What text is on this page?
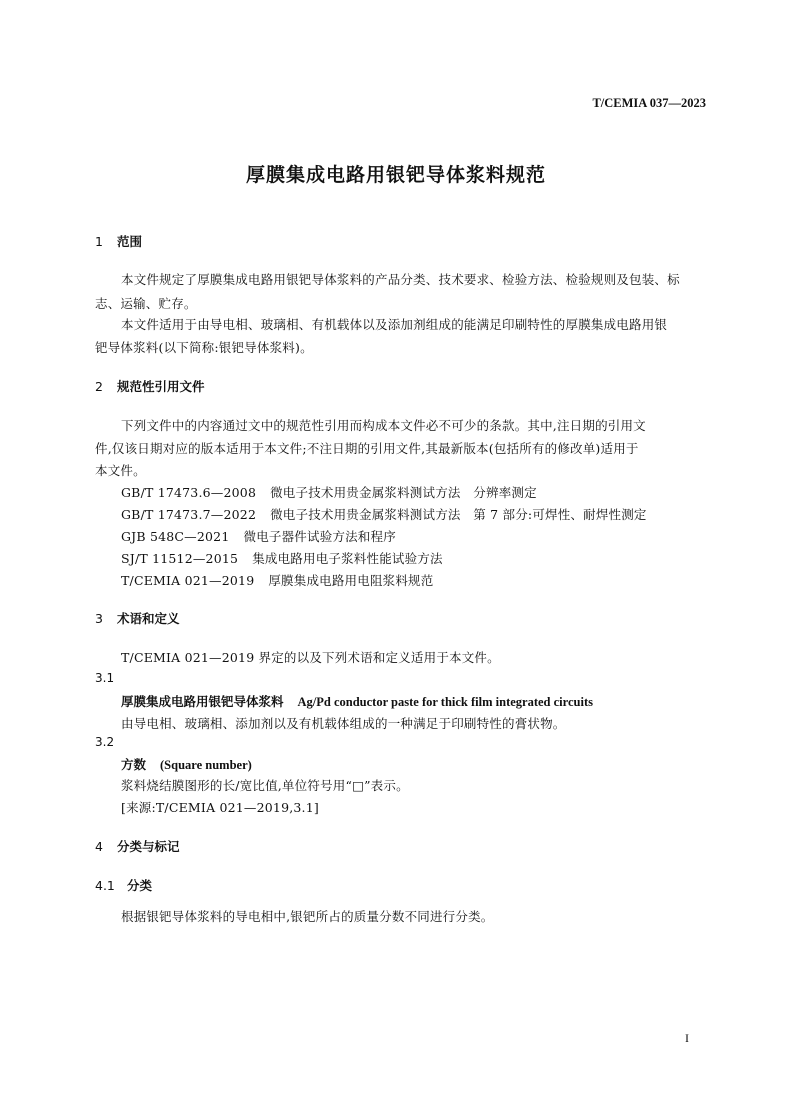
T/CEMIA 037—2023
厚膜集成电路用银钯导体浆料规范
1 范围
本文件规定了厚膜集成电路用银钯导体浆料的产品分类、技术要求、检验方法、检验规则及包装、标
志、运输、贮存。
本文件适用于由导电相、玻璃相、有机载体以及添加剂组成的能满足印刷特性的厚膜集成电路用银
钯导体浆料(以下简称:银钯导体浆料)。
2 规范性引用文件
下列文件中的内容通过文中的规范性引用而构成本文件必不可少的条款。其中,注日期的引用文
件,仅该日期对应的版本适用于本文件;不注日期的引用文件,其最新版本(包括所有的修改单)适用于
本文件。
GB/T 17473.6—2008 微电子技术用贵金属浆料测试方法　分辨率测定
GB/T 17473.7—2022 微电子技术用贵金属浆料测试方法　第 7 部分:可焊性、耐焊性测定
GJB 548C—2021 微电子器件试验方法和程序
SJ/T 11512—2015 集成电路用电子浆料性能试验方法
T/CEMIA 021—2019 厚膜集成电路用电阻浆料规范
3 术语和定义
T/CEMIA 021—2019 界定的以及下列术语和定义适用于本文件。
3.1
厚膜集成电路用银钯导体浆料 Ag/Pd conductor paste for thick film integrated circuits
由导电相、玻璃相、添加剂以及有机载体组成的一种满足于印刷特性的膏状物。
3.2
方数 (Square number)
浆料烧结膜图形的长/宽比值,单位符号用“□”表示。
[来源:T/CEMIA 021—2019,3.1]
4 分类与标记
4.1 分类
根据银钯导体浆料的导电相中,银钯所占的质量分数不同进行分类。
I
